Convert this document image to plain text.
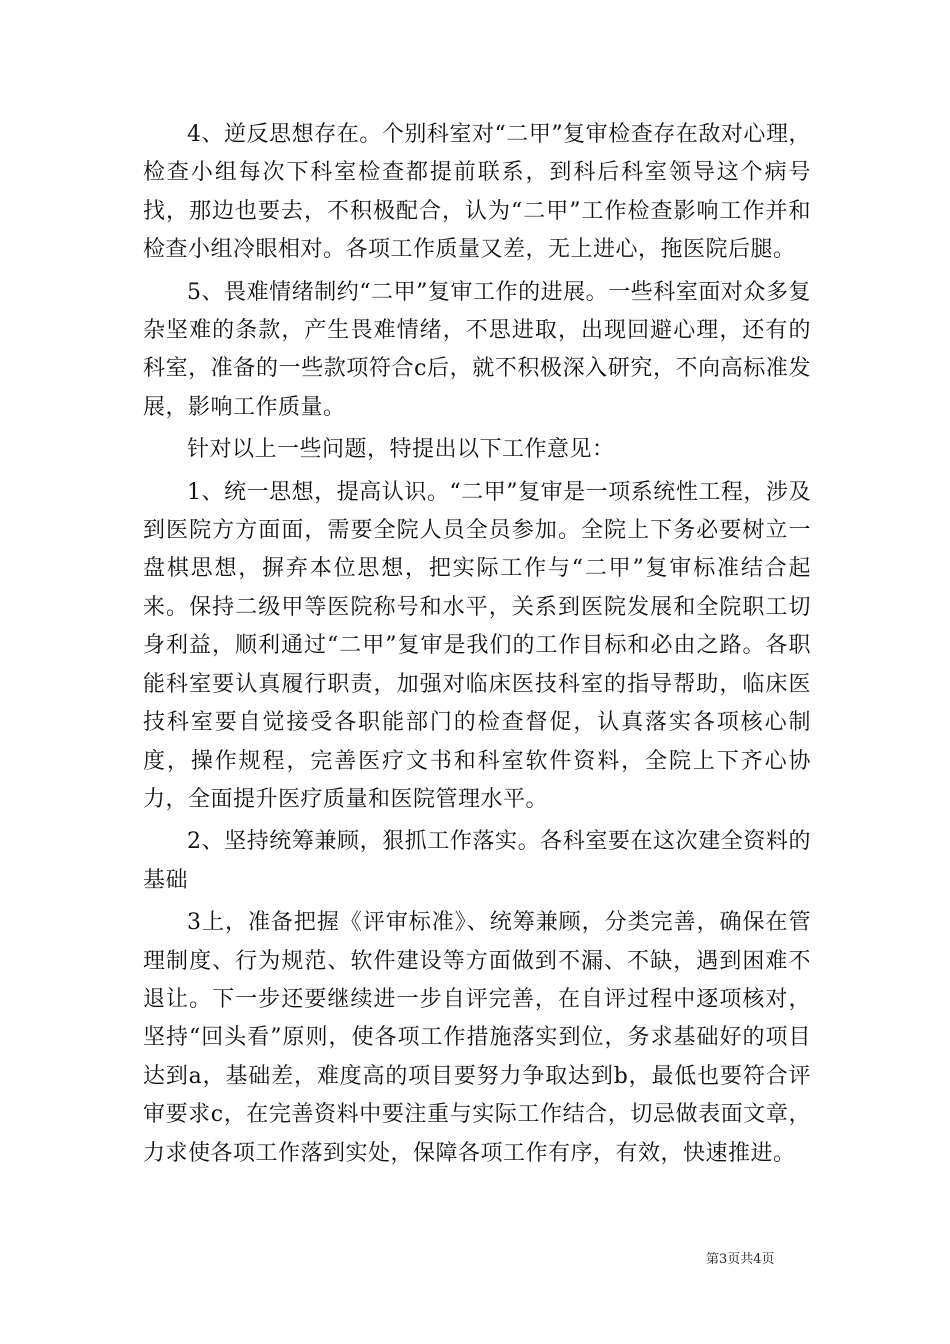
4、逆反思想存在。个别科室对“二甲”复审检查存在敌对心理，检查小组每次下科室检查都提前联系，到科后科室领导这个病号找，那边也要去，不积极配合，认为“二甲”工作检查影响工作并和检查小组冷眼相对。各项工作质量又差，无上进心，拖医院后腿。

5、畏难情绪制约“二甲”复审工作的进展。一些科室面对众多复杂坚难的条款，产生畏难情绪，不思进取，出现回避心理，还有的科室，准备的一些款项符合c后，就不积极深入研究，不向高标准发展，影响工作质量。

针对以上一些问题，特提出以下工作意见：

1、统一思想，提高认识。“二甲”复审是一项系统性工程，涉及到医院方方面面，需要全院人员全员参加。全院上下务必要树立一盘棋思想，摒弃本位思想，把实际工作与“二甲”复审标准结合起来。保持二级甲等医院称号和水平，关系到医院发展和全院职工切身利益，顺利通过“二甲”复审是我们的工作目标和必由之路。各职能科室要认真履行职责，加强对临床医技科室的指导帮助，临床医技科室要自觉接受各职能部门的检查督促，认真落实各项核心制度，操作规程，完善医疗文书和科室软件资料，全院上下齐心协力，全面提升医疗质量和医院管理水平。

2、坚持统筹兼顾，狠抓工作落实。各科室要在这次建全资料的基础

3上，准备把握《评审标准》、统筹兼顾，分类完善，确保在管理制度、行为规范、软件建设等方面做到不漏、不缺，遇到困难不退让。下一步还要继续进一步自评完善，在自评过程中逐项核对，坚持“回头看”原则，使各项工作措施落实到位，务求基础好的项目达到a，基础差，难度高的项目要努力争取达到b，最低也要符合评审要求c，在完善资料中要注重与实际工作结合，切忌做表面文章，力求使各项工作落到实处，保障各项工作有序，有效，快速推进。

第3页共4页
